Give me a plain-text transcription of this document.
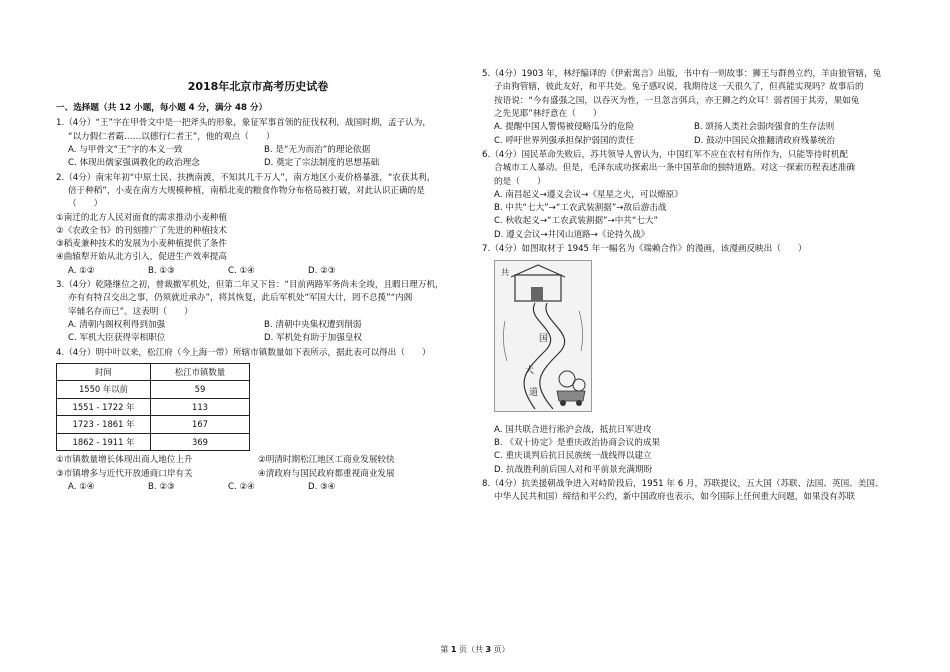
2018年北京市高考历史试卷

一、选择题（共 12 小题，每小题 4 分，满分 48 分）

1.（4分）“王”字在甲骨文中是一把斧头的形象，象征军事首领的征伐权利，战国时期，孟子认为，

“以力假仁者霸……以德行仁者王”，他的观点（　　）

A. 与甲骨文“王”字的本义一致	B. 是“无为而治”的理论依据
C. 体现出儒家强调教化的政治理念	D. 奠定了宗法制度的思想基础

2.（4分）南宋年初“中原士民、扶携南渡，不知其几千万人”，南方地区小麦价格暴涨，“农获其利，

倍于种稻”，小麦在南方大规模种植，南稻北麦的粮食作物分布格局被打破，对此认识正确的是

（　　）

①南迁的北方人民对面食的需求推动小麦种植

②《农政全书》的刊刻推广了先进的种植技术

③稻麦兼种技术的发展为小麦种植提供了条件

④曲辕犁开始从北方引入，促进生产效率提高

A. ①②	B. ①③	C. ①④	D. ②③

3.（4分）乾隆继位之初，曾裁撤军机处，但第二年又下旨：“目前两路军务尚未全竣，且暇日理万机，

亦有有特召交出之事，仍须就近承办”，将其恢复，此后军机处“军国大计，罔不总揽”“内阁

宰辅名存而已”。这表明（　　）

A. 清朝内阁权利得到加强	B. 清朝中央集权遭到削弱
C. 军机大臣获得宰相职位	D. 军机处有助于加强皇权

4.（4分）明中叶以来，松江府（今上海一带）所辖市镇数量如下表所示，据此表可以得出（　　）

时间	松江市镇数量
1550 年以前	59
1551 - 1722 年	113
1723 - 1861 年	167
1862 - 1911 年	369
①市镇数量增长体现出商人地位上升	②明清时期松江地区工商业发展较快
③市镇增多与近代开放通商口岸有关	④清政府与国民政府都重视商业发展
A. ①④	B. ②③	C. ②④	D. ③④

5.（4分）1903 年，林纾编译的《伊索寓言》出版，书中有一则故事：狮王与群兽立约，羊由狼管辖，兔

子由狗管辖，彼此友好，和平共处。兔子感叹说，我期待这一天很久了，但真能实现吗？故事后的

按语说：“今有盛强之国，以吞灭为性，一旦忽言弭兵，亦王狮之约众耳！弱者国于其旁，果如兔

之先见耶”林纾意在（　　）

A. 提醒中国人警惕被侵略瓜分的危险	B. 颂扬人类社会弱肉强食的生存法则
C. 呼吁世界列强承担保护弱国的责任	D. 鼓动中国民众推翻清政府残暴统治

6.（4分）国民革命失败后，苏共领导人曾认为，中国红军不应在农村有所作为，只能等待时机配

合城市工人暴动。但是，毛泽东成功探索出一条中国革命的独特道路。对这一探索历程表述准确

的是（　　）

A. 南昌起义→遵义会议→《星星之火，可以燎原》

B. 中共“七大”→“工农武装割据”→敌后游击战

C. 秋收起义→“工农武装割据”→中共“七大”

D. 遵义会议→井冈山道路→《论持久战》

7.（4分）如图取材于 1945 年一幅名为《瑞赖合作》的漫画，该漫画反映出（　　）

共
国
大
道

A. 国共联合进行淞沪会战，抵抗日军进攻

B. 《双十协定》是重庆政治协商会议的成果

C. 重庆谈判后抗日民族统一战线得以建立

D. 抗战胜利前后国人对和平前景充满期盼

8.（4分）抗美援朝战争进入对峙阶段后，1951 年 6 月，苏联提议，五大国（苏联、法国、英国、美国、

中华人民共和国）缔结和平公约，新中国政府也表示，如今国际上任何重大问题，如果没有苏联

第 1 页（共 3 页）
